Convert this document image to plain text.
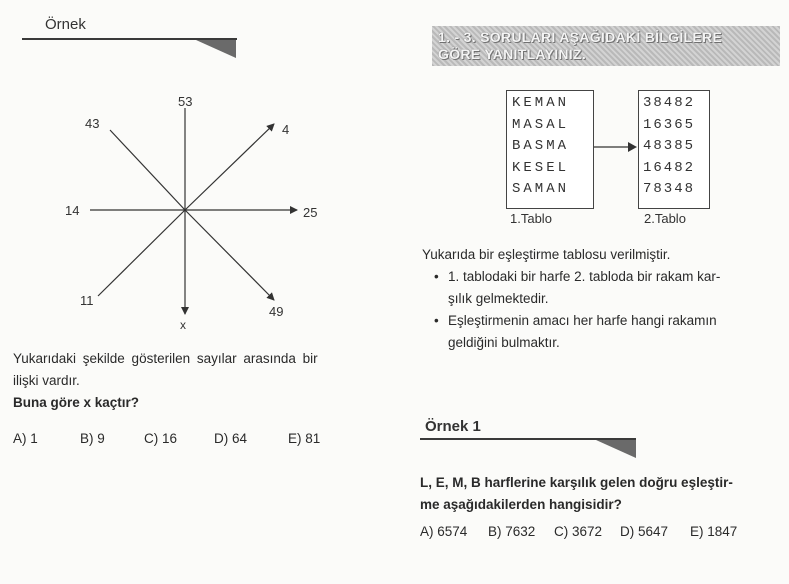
Örnek
53
43	4
14	25
11
49
x

Yukarıdaki şekilde gösterilen sayılar arasında bir

ilişki vardır.

Buna göre x kaçtır?

A) 1	B) 9	C) 16	D) 64	E) 81
1. - 3. SORULARI AŞAĞIDAKİ BİLGİLERE
GÖRE YANITLAYINIZ.
KEMAN
MASAL
BASMA
KESEL
SAMAN
1.Tablo
38482
16365
48385
16482
78348
2.Tablo

Yukarıda bir eşleştirme tablosu verilmiştir.

• 1. tablodaki bir harfe 2. tabloda bir rakam kar-
şılık gelmektedir.
• Eşleştirmenin amacı her harfe hangi rakamın
geldiğini bulmaktır.
Örnek 1

L, E, M, B harflerine karşılık gelen doğru eşleştir-

me aşağıdakilerden hangisidir?

A) 6574	B) 7632	C) 3672	D) 5647	E) 1847
